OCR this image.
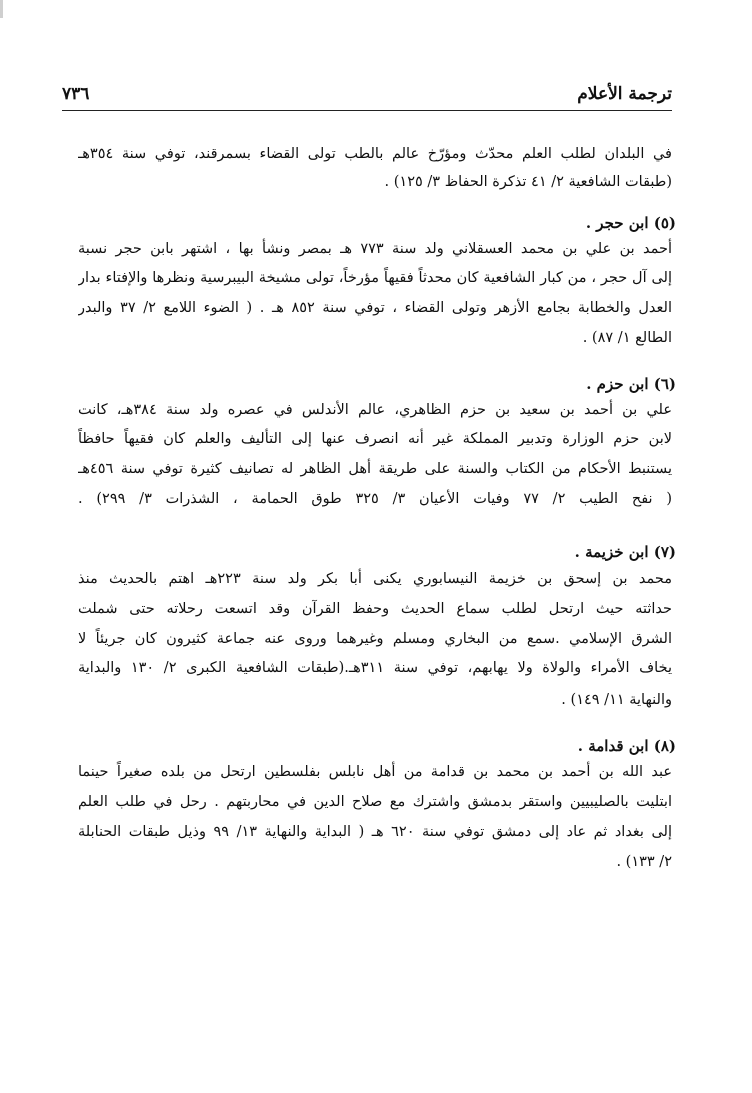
ترجمة الأعلام
٧٣٦
في البلدان لطلب العلم محدّث ومؤرّخ عالم بالطب تولى القضاء بسمرقند، توفي سنة ٣٥٤هـ
(طبقات الشافعية ٢/ ٤١ تذكرة الحفاظ ٣/ ١٢٥) .
(٥) ابن حجر .
أحمد بن علي بن محمد العسقلاني ولد سنة ٧٧٣ هـ بمصر ونشأ بها ، اشتهر بابن حجر نسبة
إلى آل حجر ، من كبار الشافعية كان محدثاً فقيهاً مؤرخاً، تولى مشيخة البيبرسية ونظرها والإفتاء بدار
العدل والخطابة بجامع الأزهر وتولى القضاء ، توفي سنة ٨٥٢ هـ . ( الضوء اللامع ٢/ ٣٧ والبدر
الطالع ١/ ٨٧) .
(٦) ابن حزم .
علي بن أحمد بن سعيد بن حزم الظاهري، عالم الأندلس في عصره ولد سنة ٣٨٤هـ، كانت
لابن حزم الوزارة وتدبير المملكة غير أنه انصرف عنها إلى التأليف والعلم كان فقيهاً حافظاً
يستنبط الأحكام من الكتاب والسنة على طريقة أهل الظاهر له تصانيف كثيرة توفي سنة ٤٥٦هـ
( نفح الطيب ٢/ ٧٧ وفيات الأعيان ٣/ ٣٢٥ طوق الحمامة ، الشذرات ٣/ ٢٩٩) .
(٧) ابن خزيمة .
محمد بن إسحق بن خزيمة النيسابوري يكنى أبا بكر ولد سنة ٢٢٣هـ اهتم بالحديث منذ
حداثته حيث ارتحل لطلب سماع الحديث وحفظ القرآن وقد اتسعت رحلاته حتى شملت
الشرق الإسلامي .سمع من البخاري ومسلم وغيرهما وروى عنه جماعة كثيرون كان جريئاً لا
يخاف الأمراء والولاة ولا يهابهم، توفي سنة ٣١١هـ.(طبقات الشافعية الكبرى ٢/ ١٣٠ والبداية
والنهاية ١١/ ١٤٩) .
(٨) ابن قدامة .
عبد الله بن أحمد بن محمد بن قدامة من أهل نابلس بفلسطين ارتحل من بلده صغيراً حينما
ابتليت بالصليبيين واستقر بدمشق واشترك مع صلاح الدين في محاربتهم . رحل في طلب العلم
إلى بغداد ثم عاد إلى دمشق توفي سنة ٦٢٠ هـ ( البداية والنهاية ١٣/ ٩٩ وذيل طبقات الحنابلة
٢/ ١٣٣) .
